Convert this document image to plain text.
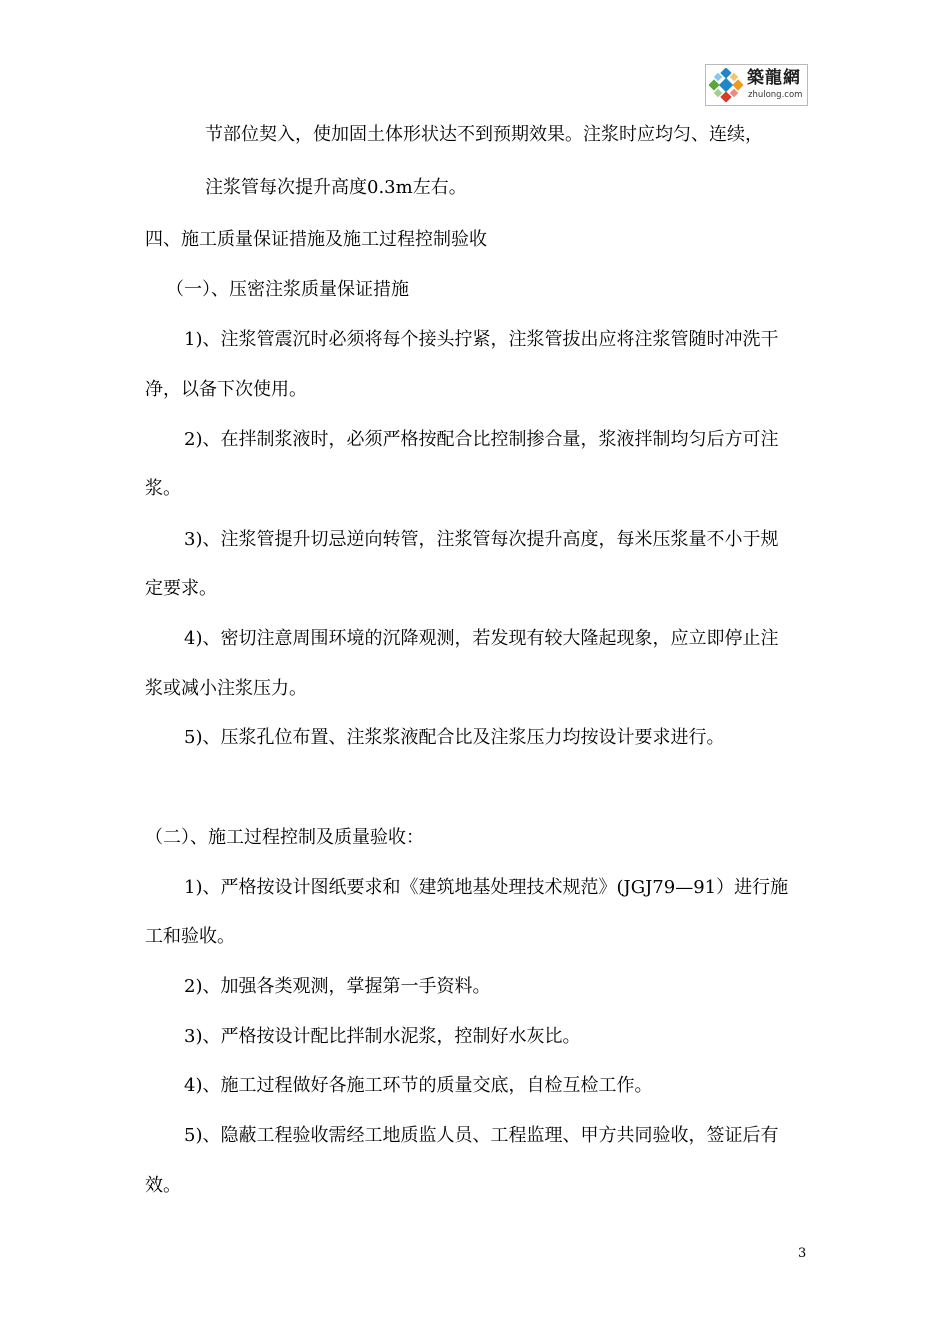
築龍網
zhulong.com

节部位契入，使加固土体形状达不到预期效果。注浆时应均匀、连续，

注浆管每次提升高度0.3m左右。

四、施工质量保证措施及施工过程控制验收

（一）、压密注浆质量保证措施

1)、注浆管震沉时必须将每个接头拧紧，注浆管拔出应将注浆管随时冲洗干

净，以备下次使用。

2)、在拌制浆液时，必须严格按配合比控制掺合量，浆液拌制均匀后方可注

浆。

3)、注浆管提升切忌逆向转管，注浆管每次提升高度，每米压浆量不小于规

定要求。

4)、密切注意周围环境的沉降观测，若发现有较大隆起现象，应立即停止注

浆或减小注浆压力。

5)、压浆孔位布置、注浆浆液配合比及注浆压力均按设计要求进行。

（二）、施工过程控制及质量验收：

1)、严格按设计图纸要求和《建筑地基处理技术规范》(JGJ79—91）进行施

工和验收。

2)、加强各类观测，掌握第一手资料。

3)、严格按设计配比拌制水泥浆，控制好水灰比。

4)、施工过程做好各施工环节的质量交底，自检互检工作。

5)、隐蔽工程验收需经工地质监人员、工程监理、甲方共同验收，签证后有

效。

3
